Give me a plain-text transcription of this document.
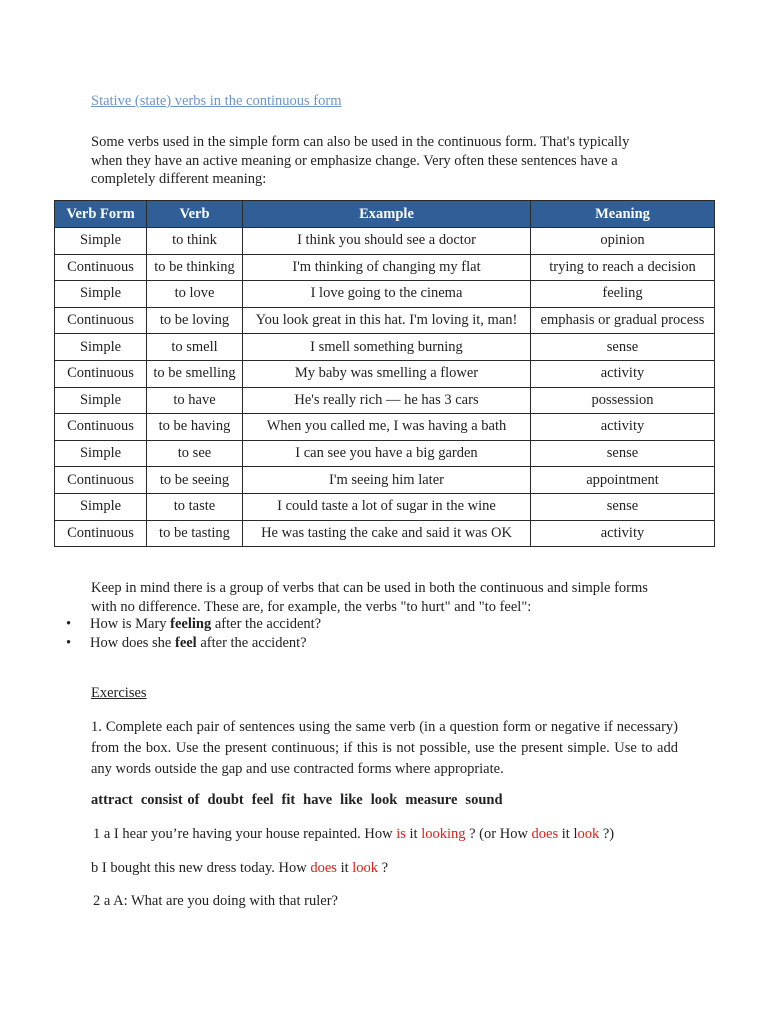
Stative (state) verbs in the continuous form
Some verbs used in the simple form can also be used in the continuous form. That's typically
when they have an active meaning or emphasize change. Very often these sentences have a
completely different meaning:
Verb Form	Verb	Example	Meaning
Simple	to think	I think you should see a doctor	opinion
Continuous	to be thinking	I'm thinking of changing my flat	trying to reach a decision
Simple	to love	I love going to the cinema	feeling
Continuous	to be loving	You look great in this hat. I'm loving it, man!	emphasis or gradual process
Simple	to smell	I smell something burning	sense
Continuous	to be smelling	My baby was smelling a flower	activity
Simple	to have	He's really rich — he has 3 cars	possession
Continuous	to be having	When you called me, I was having a bath	activity
Simple	to see	I can see you have a big garden	sense
Continuous	to be seeing	I'm seeing him later	appointment
Simple	to taste	I could taste a lot of sugar in the wine	sense
Continuous	to be tasting	He was tasting the cake and said it was OK	activity
Keep in mind there is a group of verbs that can be used in both the continuous and simple forms
with no difference. These are, for example, the verbs "to hurt" and "to feel":
• How is Mary feeling after the accident?
• How does she feel after the accident?
Exercises
1. Complete each pair of sentences using the same verb (in a question form or negative if necessary) from the box. Use the present continuous; if this is not possible, use the present simple. Use to add any words outside the gap and use contracted forms where appropriate.
attract consist of doubt feel fit have like look measure sound
1 a I hear you’re having your house repainted. How is it looking ? (or How does it look ?)
b I bought this new dress today. How does it look ?
2 a A: What are you doing with that ruler?
